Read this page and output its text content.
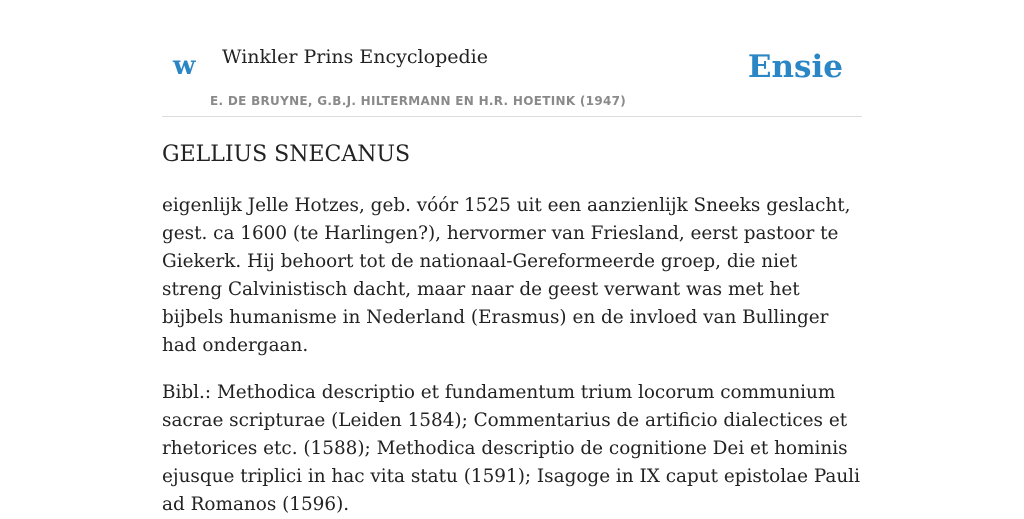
w Winkler Prins Encyclopedie
E. DE BRUYNE, G.B.J. HILTERMANN EN H.R. HOETINK (1947)
Ensie
GELLIUS SNECANUS

eigenlijk Jelle Hotzes, geb. vóór 1525 uit een aanzienlijk Sneeks geslacht, gest. ca 1600 (te Harlingen?), hervormer van Friesland, eerst pastoor te Giekerk. Hij behoort tot de nationaal-Gereformeerde groep, die niet streng Calvinistisch dacht, maar naar de geest verwant was met het bijbels humanisme in Nederland (Erasmus) en de invloed van Bullinger had ondergaan.

Bibl.: Methodica descriptio et fundamentum trium locorum communium sacrae scripturae (Leiden 1584); Commentarius de artificio dialectices et rhetorices etc. (1588); Methodica descriptio de cognitione Dei et hominis ejusque triplici in hac vita statu (1591); Isagoge in IX caput epistolae Pauli ad Romanos (1596).
